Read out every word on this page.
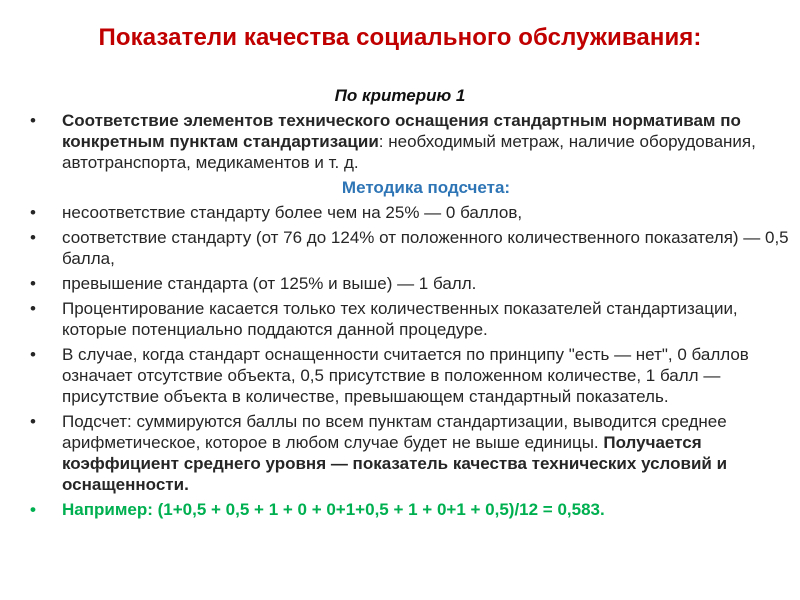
Показатели качества социального обслуживания:
По критерию 1
•	Соответствие элементов технического оснащения стандартным нормативам по конкретным пунктам стандартизации: необходимый метраж, наличие оборудования, автотранспорта, медикаментов и т. д.
Методика подсчета:
•	несоответствие стандарту более чем на 25% — 0 баллов,
•	соответствие стандарту (от 76 до 124% от положенного количественного показателя) — 0,5 балла,
•	превышение стандарта (от 125% и выше) — 1 балл.
•	Процентирование касается только тех количественных показателей стандартизации, которые потенциально поддаются данной процедуре.
•	В случае, когда стандарт оснащенности считается по принципу "есть — нет", 0 баллов означает отсутствие объекта, 0,5 присутствие в положенном количестве, 1 балл — присутствие объекта в количестве, превышающем стандартный показатель.
•	Подсчет: суммируются баллы по всем пунктам стандартизации, выводится среднее арифметическое, которое в любом случае будет не выше единицы. Получается коэффициент среднего уровня — показатель качества технических условий и оснащенности.
•	Например: (1+0,5 + 0,5 + 1 + 0 + 0+1+0,5 + 1 + 0+1 + 0,5)/12 = 0,583.
